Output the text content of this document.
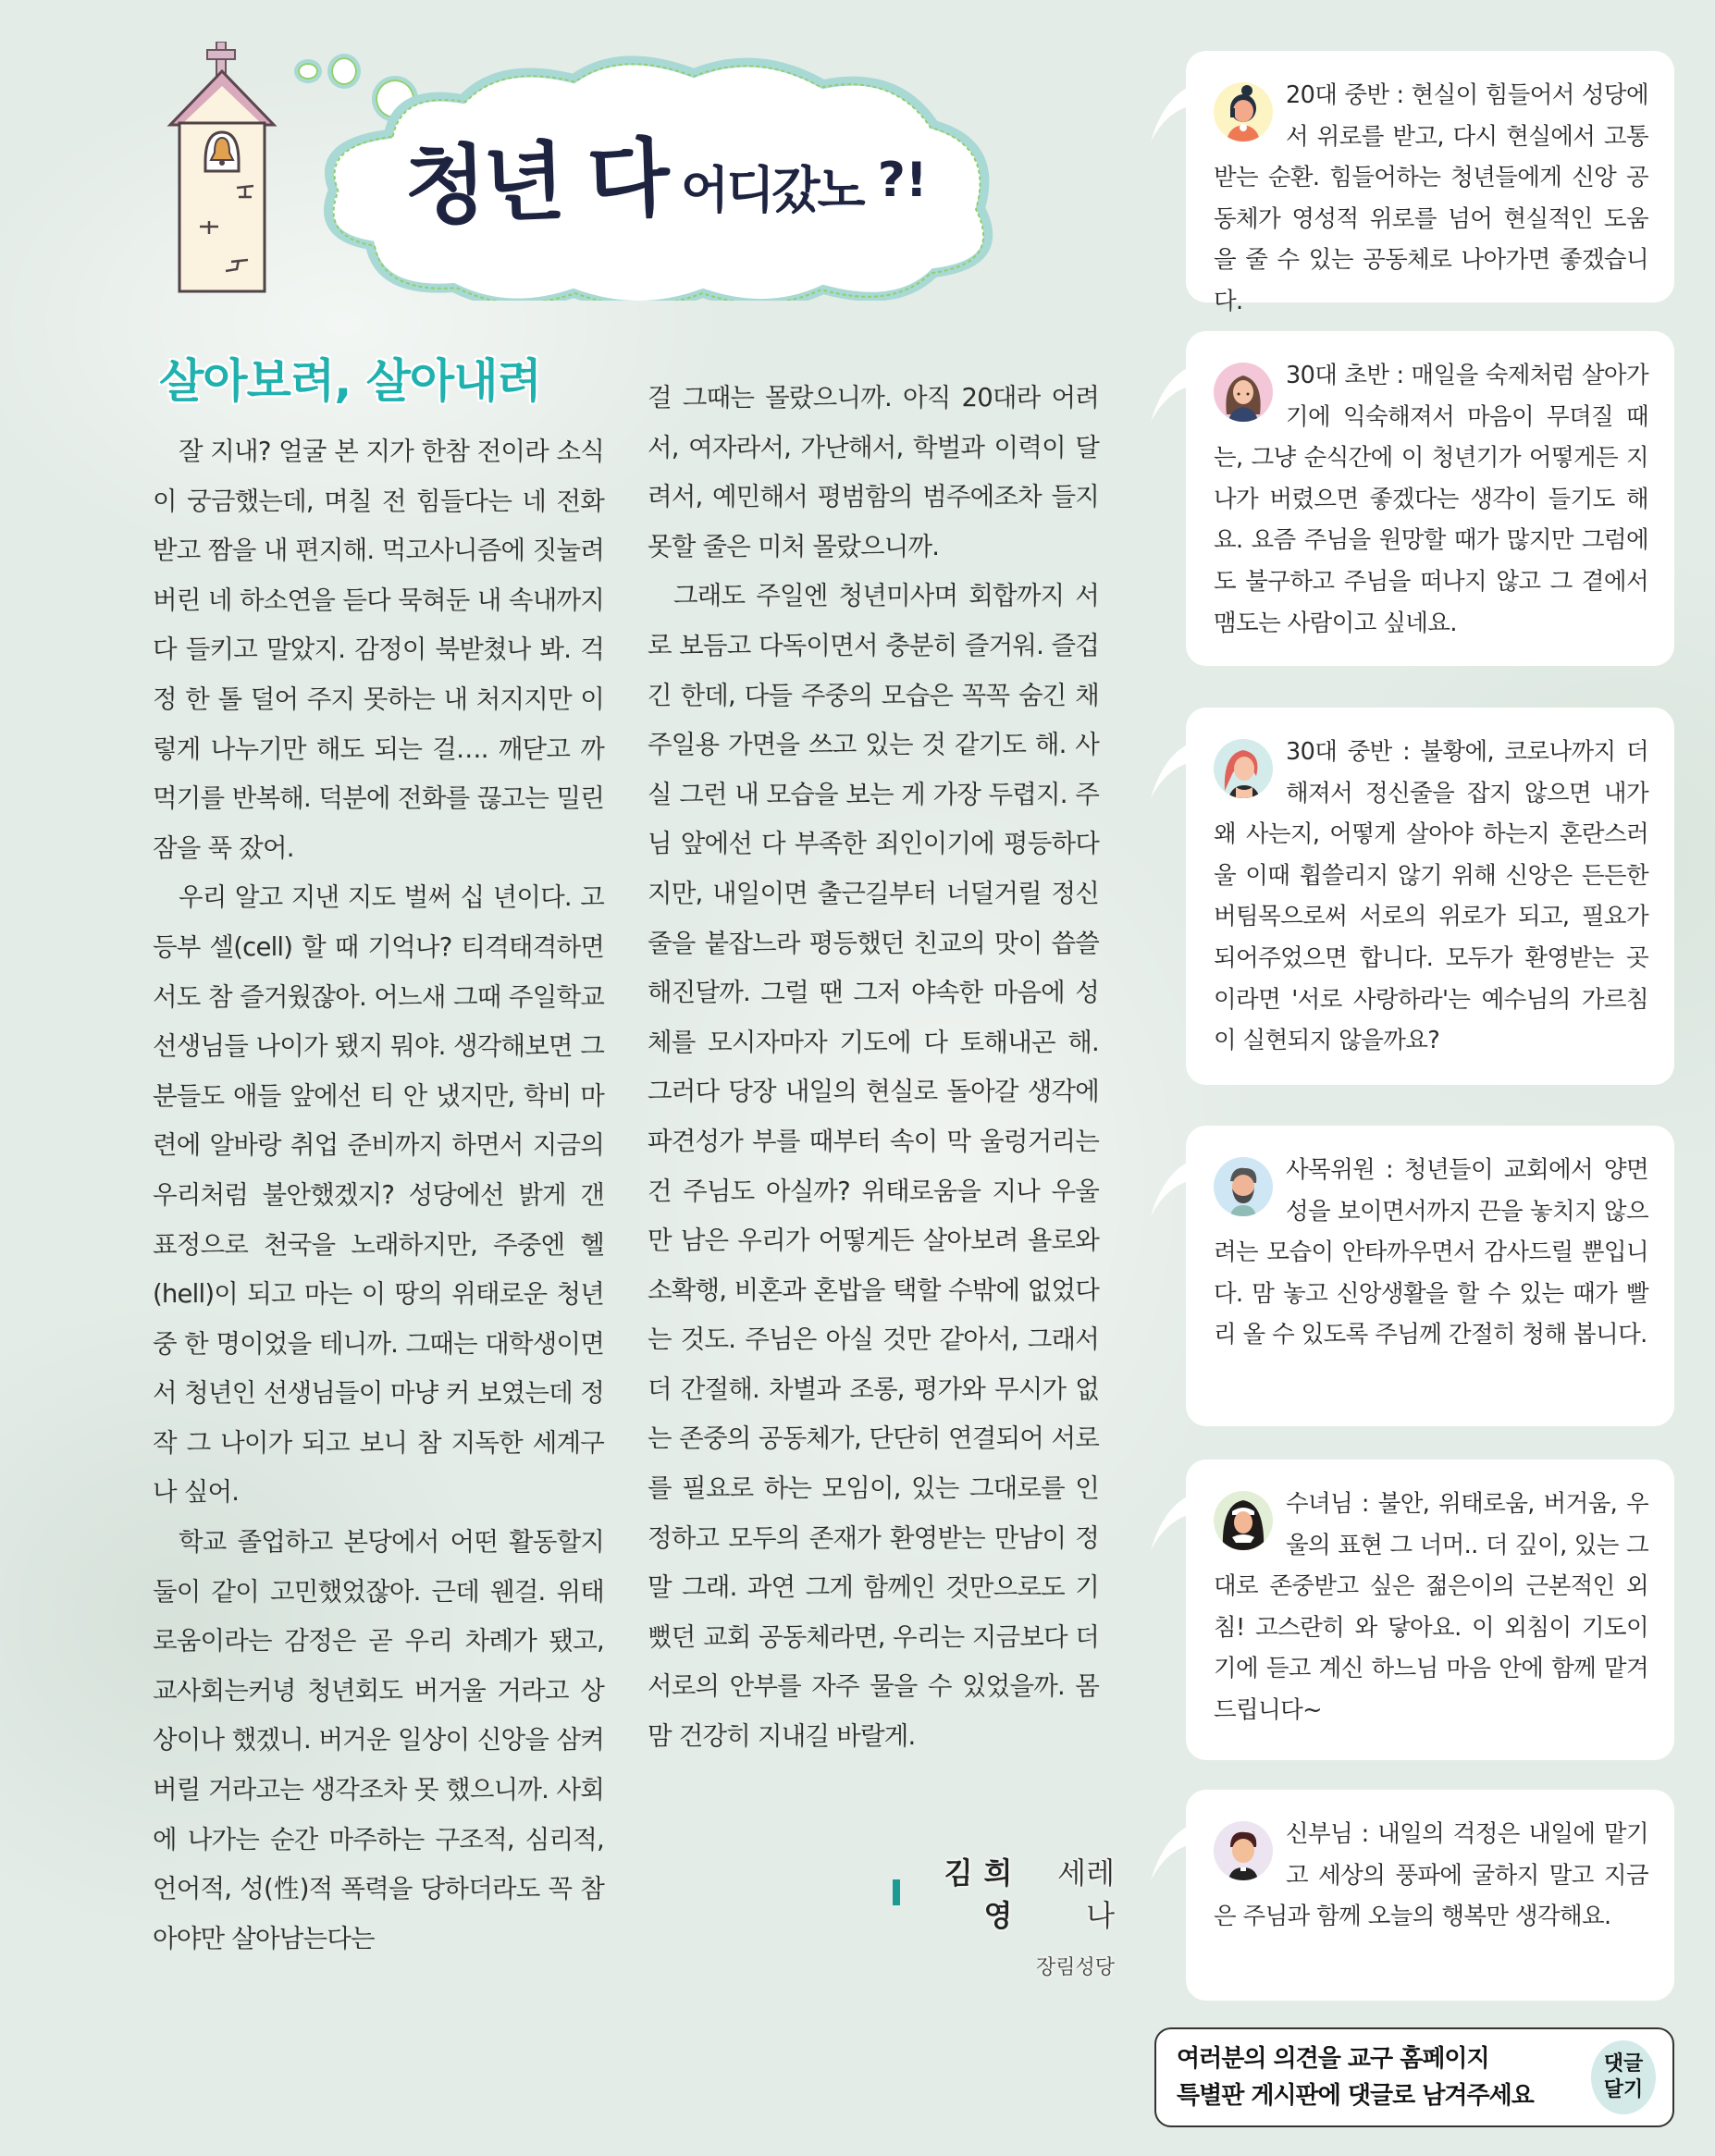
청년 다 어디갔노 ?!
살아보려, 살아내려

잘 지내? 얼굴 본 지가 한참 전이라 소식이 궁금했는데, 며칠 전 힘들다는 네 전화 받고 짬을 내 편지해. 먹고사니즘에 짓눌려버린 네 하소연을 듣다 묵혀둔 내 속내까지 다 들키고 말았지. 감정이 북받쳤나 봐. 걱정 한 톨 덜어 주지 못하는 내 처지지만 이렇게 나누기만 해도 되는 걸…. 깨닫고 까먹기를 반복해. 덕분에 전화를 끊고는 밀린 잠을 푹 잤어.

우리 알고 지낸 지도 벌써 십 년이다. 고등부 셀(cell) 할 때 기억나? 티격태격하면서도 참 즐거웠잖아. 어느새 그때 주일학교 선생님들 나이가 됐지 뭐야. 생각해보면 그분들도 애들 앞에선 티 안 냈지만, 학비 마련에 알바랑 취업 준비까지 하면서 지금의 우리처럼 불안했겠지? 성당에선 밝게 갠 표정으로 천국을 노래하지만, 주중엔 헬(hell)이 되고 마는 이 땅의 위태로운 청년 중 한 명이었을 테니까. 그때는 대학생이면서 청년인 선생님들이 마냥 커 보였는데 정작 그 나이가 되고 보니 참 지독한 세계구나 싶어.

학교 졸업하고 본당에서 어떤 활동할지 둘이 같이 고민했었잖아. 근데 웬걸. 위태로움이라는 감정은 곧 우리 차례가 됐고, 교사회는커녕 청년회도 버거울 거라고 상상이나 했겠니. 버거운 일상이 신앙을 삼켜버릴 거라고는 생각조차 못 했으니까. 사회에 나가는 순간 마주하는 구조적, 심리적, 언어적, 성(性)적 폭력을 당하더라도 꼭 참아야만 살아남는다는

걸 그때는 몰랐으니까. 아직 20대라 어려서, 여자라서, 가난해서, 학벌과 이력이 달려서, 예민해서 평범함의 범주에조차 들지 못할 줄은 미처 몰랐으니까.

그래도 주일엔 청년미사며 회합까지 서로 보듬고 다독이면서 충분히 즐거워. 즐겁긴 한데, 다들 주중의 모습은 꼭꼭 숨긴 채 주일용 가면을 쓰고 있는 것 같기도 해. 사실 그런 내 모습을 보는 게 가장 두렵지. 주님 앞에선 다 부족한 죄인이기에 평등하다지만, 내일이면 출근길부터 너덜거릴 정신줄을 붙잡느라 평등했던 친교의 맛이 씁쓸해진달까. 그럴 땐 그저 야속한 마음에 성체를 모시자마자 기도에 다 토해내곤 해. 그러다 당장 내일의 현실로 돌아갈 생각에 파견성가 부를 때부터 속이 막 울렁거리는 건 주님도 아실까? 위태로움을 지나 우울만 남은 우리가 어떻게든 살아보려 욜로와 소확행, 비혼과 혼밥을 택할 수밖에 없었다는 것도. 주님은 아실 것만 같아서, 그래서 더 간절해. 차별과 조롱, 평가와 무시가 없는 존중의 공동체가, 단단히 연결되어 서로를 필요로 하는 모임이, 있는 그대로를 인정하고 모두의 존재가 환영받는 만남이 정말 그래. 과연 그게 함께인 것만으로도 기뻤던 교회 공동체라면, 우리는 지금보다 더 서로의 안부를 자주 물을 수 있었을까. 몸 맘 건강히 지내길 바랄게.

김희영
세레나
장림성당
20대 중반 : 현실이 힘들어서 성당에서 위로를 받고, 다시 현실에서 고통받는 순환. 힘들어하는 청년들에게 신앙 공동체가 영성적 위로를 넘어 현실적인 도움을 줄 수 있는 공동체로 나아가면 좋겠습니다.
30대 초반 : 매일을 숙제처럼 살아가기에 익숙해져서 마음이 무뎌질 때는, 그냥 순식간에 이 청년기가 어떻게든 지나가 버렸으면 좋겠다는 생각이 들기도 해요. 요즘 주님을 원망할 때가 많지만 그럼에도 불구하고 주님을 떠나지 않고 그 곁에서 맴도는 사람이고 싶네요.
30대 중반 : 불황에, 코로나까지 더해져서 정신줄을 잡지 않으면 내가 왜 사는지, 어떻게 살아야 하는지 혼란스러울 이때 휩쓸리지 않기 위해 신앙은 든든한 버팀목으로써 서로의 위로가 되고, 필요가 되어주었으면 합니다. 모두가 환영받는 곳이라면 '서로 사랑하라'는 예수님의 가르침이 실현되지 않을까요?
사목위원 : 청년들이 교회에서 양면성을 보이면서까지 끈을 놓치지 않으려는 모습이 안타까우면서 감사드릴 뿐입니다. 맘 놓고 신앙생활을 할 수 있는 때가 빨리 올 수 있도록 주님께 간절히 청해 봅니다.
수녀님 : 불안, 위태로움, 버거움, 우울의 표현 그 너머.. 더 깊이, 있는 그대로 존중받고 싶은 젊은이의 근본적인 외침! 고스란히 와 닿아요. 이 외침이 기도이기에 듣고 계신 하느님 마음 안에 함께 맡겨 드립니다~
신부님 : 내일의 걱정은 내일에 맡기고 세상의 풍파에 굴하지 말고 지금은 주님과 함께 오늘의 행복만 생각해요.
여러분의 의견을 교구 홈페이지
특별판 게시판에 댓글로 남겨주세요
댓글
달기
